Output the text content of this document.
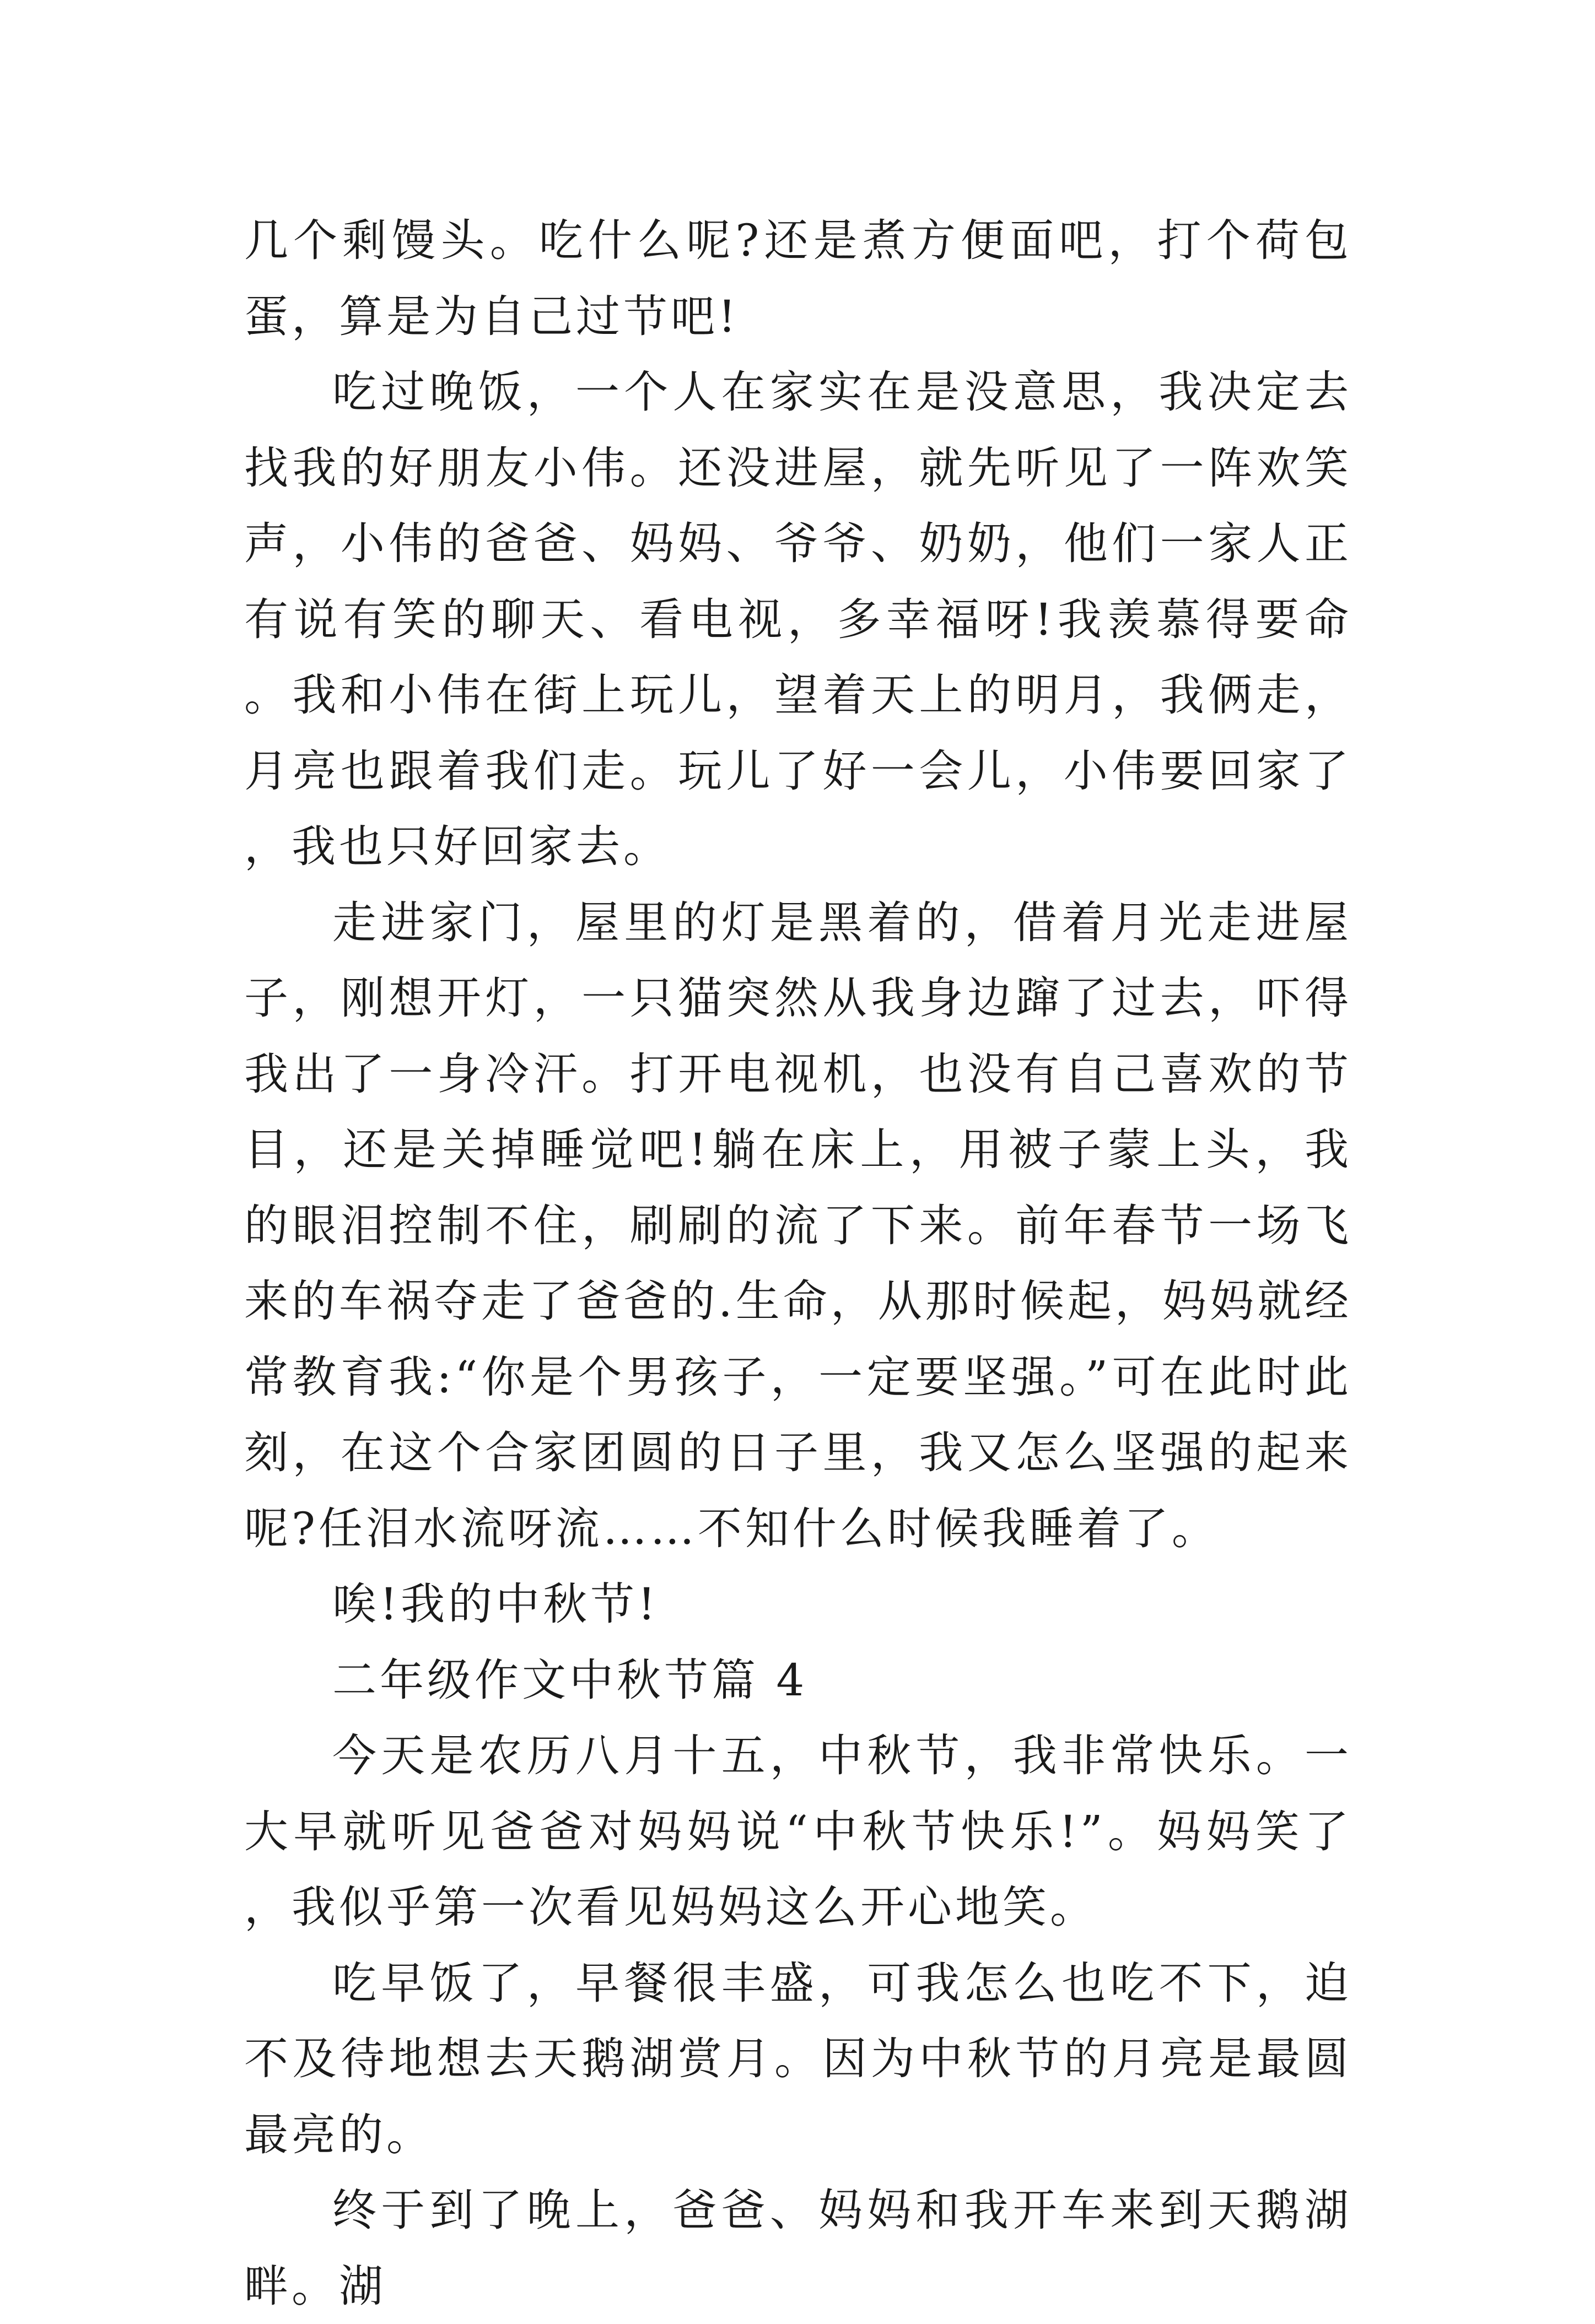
几个剩馒头。吃什么呢?还是煮方便面吧，打个荷包蛋，算是为自己过节吧!

吃过晚饭，一个人在家实在是没意思，我决定去找我的好朋友小伟。还没进屋，就先听见了一阵欢笑声，小伟的爸爸、妈妈、爷爷、奶奶，他们一家人正有说有笑的聊天、看电视，多幸福呀!我羡慕得要命。我和小伟在街上玩儿，望着天上的明月，我俩走，月亮也跟着我们走。玩儿了好一会儿，小伟要回家了，我也只好回家去。

走进家门，屋里的灯是黑着的，借着月光走进屋子，刚想开灯，一只猫突然从我身边蹿了过去，吓得我出了一身冷汗。打开电视机，也没有自己喜欢的节目，还是关掉睡觉吧!躺在床上，用被子蒙上头，我的眼泪控制不住，刷刷的流了下来。前年春节一场飞来的车祸夺走了爸爸的.生命，从那时候起，妈妈就经常教育我:“你是个男孩子，一定要坚强。”可在此时此刻，在这个合家团圆的日子里，我又怎么坚强的起来呢?任泪水流呀流……不知什么时候我睡着了。

唉!我的中秋节!

二年级作文中秋节篇 4

今天是农历八月十五，中秋节，我非常快乐。一大早就听见爸爸对妈妈说“中秋节快乐!”。妈妈笑了，我似乎第一次看见妈妈这么开心地笑。

吃早饭了，早餐很丰盛，可我怎么也吃不下，迫不及待地想去天鹅湖赏月。因为中秋节的月亮是最圆最亮的。

终于到了晚上，爸爸、妈妈和我开车来到天鹅湖畔。湖
